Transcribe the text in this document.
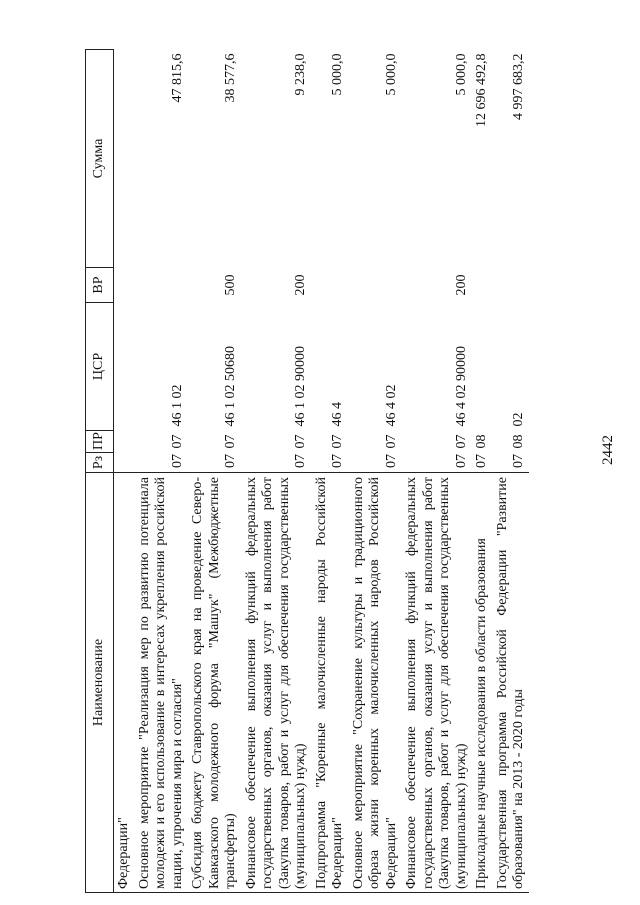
2442
Наименование	Рз	ПР	ЦСР	ВР	Сумма
Федерации"					
Основное мероприятие "Реализация мер по развитию потенциала молодежи и его использование в интересах укрепления российской нации, упрочения мира и согласия"	07	07	46 1 02		47 815,6
Субсидия бюджету Ставропольского края на проведение Северо-Кавказского молодежного форума "Машук" (Межбюджетные трансферты)	07	07	46 1 02 50680	500	38 577,6
Финансовое обеспечение выполнения функций федеральных государственных органов, оказания услуг и выполнения работ (Закупка товаров, работ и услуг для обеспечения государственных (муниципальных) нужд)	07	07	46 1 02 90000	200	9 238,0
Подпрограмма "Коренные малочисленные народы Российской Федерации"	07	07	46 4		5 000,0
Основное мероприятие "Сохранение культуры и традиционного образа жизни коренных малочисленных народов Российской Федерации"	07	07	46 4 02		5 000,0
Финансовое обеспечение выполнения функций федеральных государственных органов, оказания услуг и выполнения работ (Закупка товаров, работ и услуг для обеспечения государственных (муниципальных) нужд)	07	07	46 4 02 90000	200	5 000,0
Прикладные научные исследования в области образования	07	08			12 696 492,8
Государственная программа Российской Федерации "Развитие образования" на 2013 - 2020 годы	07	08	02		4 997 683,2
